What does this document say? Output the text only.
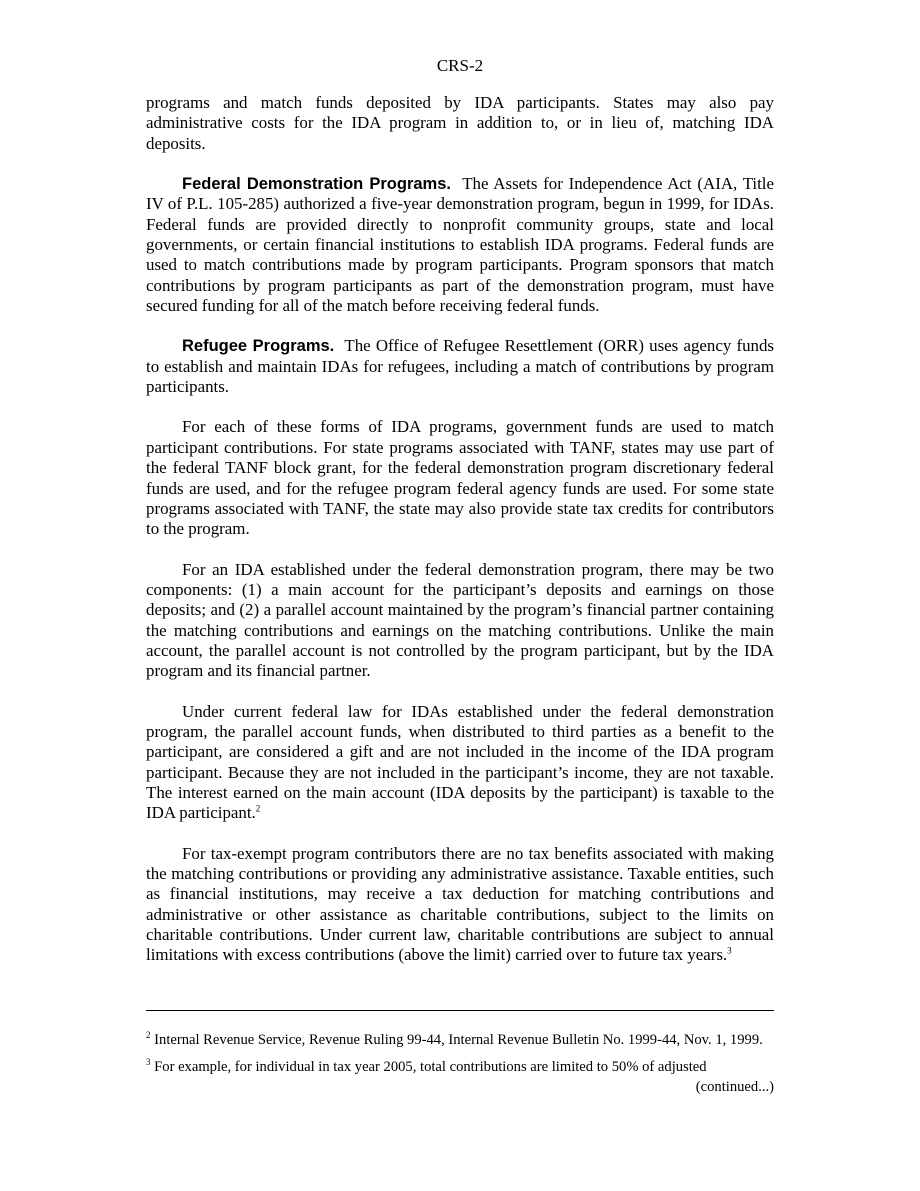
CRS-2

programs and match funds deposited by IDA participants. States may also pay administrative costs for the IDA program in addition to, or in lieu of, matching IDA deposits.

Federal Demonstration Programs. The Assets for Independence Act (AIA, Title IV of P.L. 105-285) authorized a five-year demonstration program, begun in 1999, for IDAs. Federal funds are provided directly to nonprofit community groups, state and local governments, or certain financial institutions to establish IDA programs. Federal funds are used to match contributions made by program participants. Program sponsors that match contributions by program participants as part of the demonstration program, must have secured funding for all of the match before receiving federal funds.

Refugee Programs. The Office of Refugee Resettlement (ORR) uses agency funds to establish and maintain IDAs for refugees, including a match of contributions by program participants.

For each of these forms of IDA programs, government funds are used to match participant contributions. For state programs associated with TANF, states may use part of the federal TANF block grant, for the federal demonstration program discretionary federal funds are used, and for the refugee program federal agency funds are used. For some state programs associated with TANF, the state may also provide state tax credits for contributors to the program.

For an IDA established under the federal demonstration program, there may be two components: (1) a main account for the participant’s deposits and earnings on those deposits; and (2) a parallel account maintained by the program’s financial partner containing the matching contributions and earnings on the matching contributions. Unlike the main account, the parallel account is not controlled by the program participant, but by the IDA program and its financial partner.

Under current federal law for IDAs established under the federal demonstration program, the parallel account funds, when distributed to third parties as a benefit to the participant, are considered a gift and are not included in the income of the IDA program participant. Because they are not included in the participant’s income, they are not taxable. The interest earned on the main account (IDA deposits by the participant) is taxable to the IDA participant.$^2$

For tax-exempt program contributors there are no tax benefits associated with making the matching contributions or providing any administrative assistance. Taxable entities, such as financial institutions, may receive a tax deduction for matching contributions and administrative or other assistance as charitable contributions, subject to the limits on charitable contributions. Under current law, charitable contributions are subject to annual limitations with excess contributions (above the limit) carried over to future tax years.$^3$

$^2$ Internal Revenue Service, Revenue Ruling 99-44, Internal Revenue Bulletin No. 1999-44, Nov. 1, 1999.

$^3$ For example, for individual in tax year 2005, total contributions are limited to 50% of adjusted

(continued...)
